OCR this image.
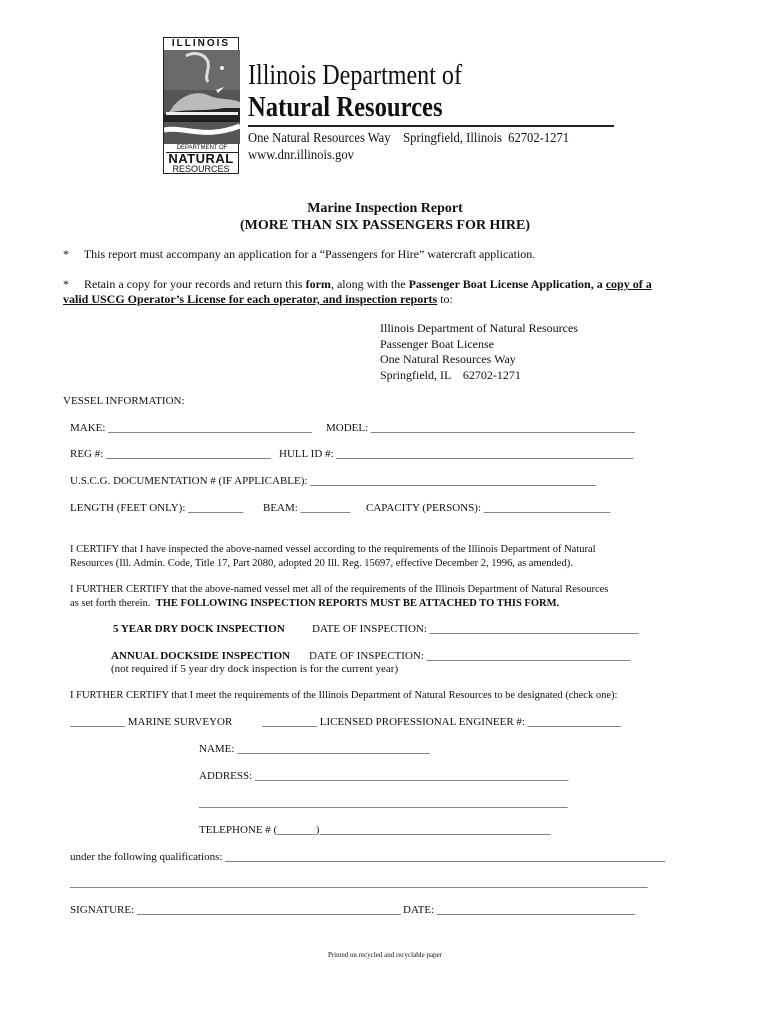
ILLINOIS
DEPARTMENT OF
NATURAL
RESOURCES
Illinois Department of
Natural Resources
One Natural Resources Way    Springfield, Illinois  62702-1271
www.dnr.illinois.gov
Marine Inspection Report
(MORE THAN SIX PASSENGERS FOR HIRE)
*     This report must accompany an application for a “Passengers for Hire” watercraft application.
*     Retain a copy for your records and return this form, along with the Passenger Boat License Application, a copy of a
valid USCG Operator’s License for each operator, and inspection reports to:
Illinois Department of Natural Resources
Passenger Boat License
One Natural Resources Way
Springfield, IL    62702-1271
VESSEL INFORMATION:
MAKE: _____________________________________ MODEL: ________________________________________________
REG #: ______________________________ HULL ID #: ______________________________________________________
U.S.C.G. DOCUMENTATION # (IF APPLICABLE): ____________________________________________________
LENGTH (FEET ONLY): __________ BEAM: _________ CAPACITY (PERSONS): _______________________
I CERTIFY that I have inspected the above-named vessel according to the requirements of the Illinois Department of Natural
Resources (Ill. Admin. Code, Title 17, Part 2080, adopted 20 Ill. Reg. 15697, effective December 2, 1996, as amended).
I FURTHER CERTIFY that the above-named vessel met all of the requirements of the Illinois Department of Natural Resources
as set forth therein.  THE FOLLOWING INSPECTION REPORTS MUST BE ATTACHED TO THIS FORM.
5 YEAR DRY DOCK INSPECTION DATE OF INSPECTION: ______________________________________
ANNUAL DOCKSIDE INSPECTION DATE OF INSPECTION: _____________________________________
(not required if 5 year dry dock inspection is for the current year)
I FURTHER CERTIFY that I meet the requirements of the Illinois Department of Natural Resources to be designated (check one):
__________ MARINE SURVEYOR	__________ LICENSED PROFESSIONAL ENGINEER #: _________________
NAME: ___________________________________
ADDRESS: _________________________________________________________
___________________________________________________________________
TELEPHONE # (_______)__________________________________________
under the following qualifications: ________________________________________________________________________________
_________________________________________________________________________________________________________
SIGNATURE: ________________________________________________ DATE: ____________________________________
Printed on recycled and recyclable paper
